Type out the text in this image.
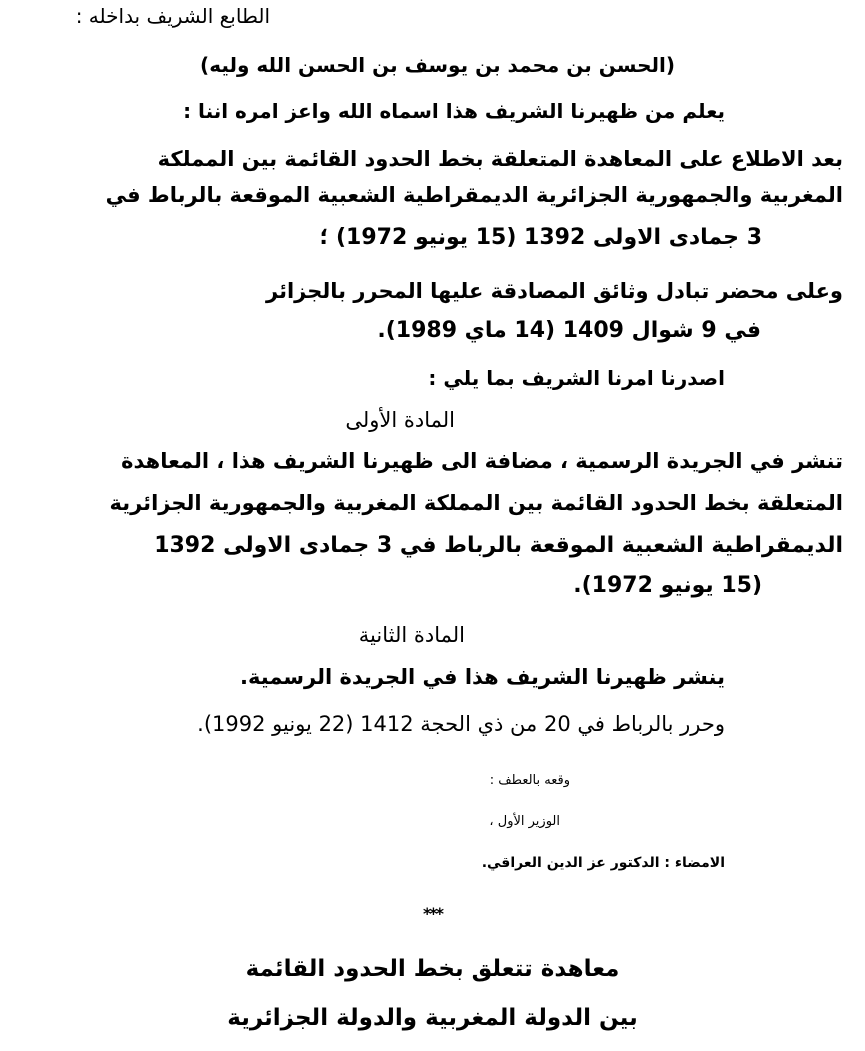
الطابع الشريف بداخله :
(الحسن بن محمد بن يوسف بن الحسن الله وليه)
يعلم من ظهيرنا الشريف هذا اسماه الله واعز امره اننا :
بعد الاطلاع على المعاهدة المتعلقة بخط الحدود القائمة بين المملكة
المغربية والجمهورية الجزائرية الديمقراطية الشعبية الموقعة بالرباط في
3 جمادى الاولى 1392 (15 يونيو 1972) ؛
وعلى محضر تبادل وثائق المصادقة عليها المحرر بالجزائر
في 9 شوال 1409 (14 ماي 1989).
اصدرنا امرنا الشريف بما يلي :
المادة الأولى
تنشر في الجريدة الرسمية ، مضافة الى ظهيرنا الشريف هذا ، المعاهدة
المتعلقة بخط الحدود القائمة بين المملكة المغربية والجمهورية الجزائرية
الديمقراطية الشعبية الموقعة بالرباط في 3 جمادى الاولى 1392
(15 يونيو 1972).
المادة الثانية
ينشر ظهيرنا الشريف هذا في الجريدة الرسمية.
وحرر بالرباط في 20 من ذي الحجة 1412 (22 يونيو 1992).
وقعه بالعطف :
الوزير الأول ،
الامضاء : الدكتور عز الدين العراقي.
***
معاهدة تتعلق بخط الحدود القائمة
بين الدولة المغربية والدولة الجزائرية
